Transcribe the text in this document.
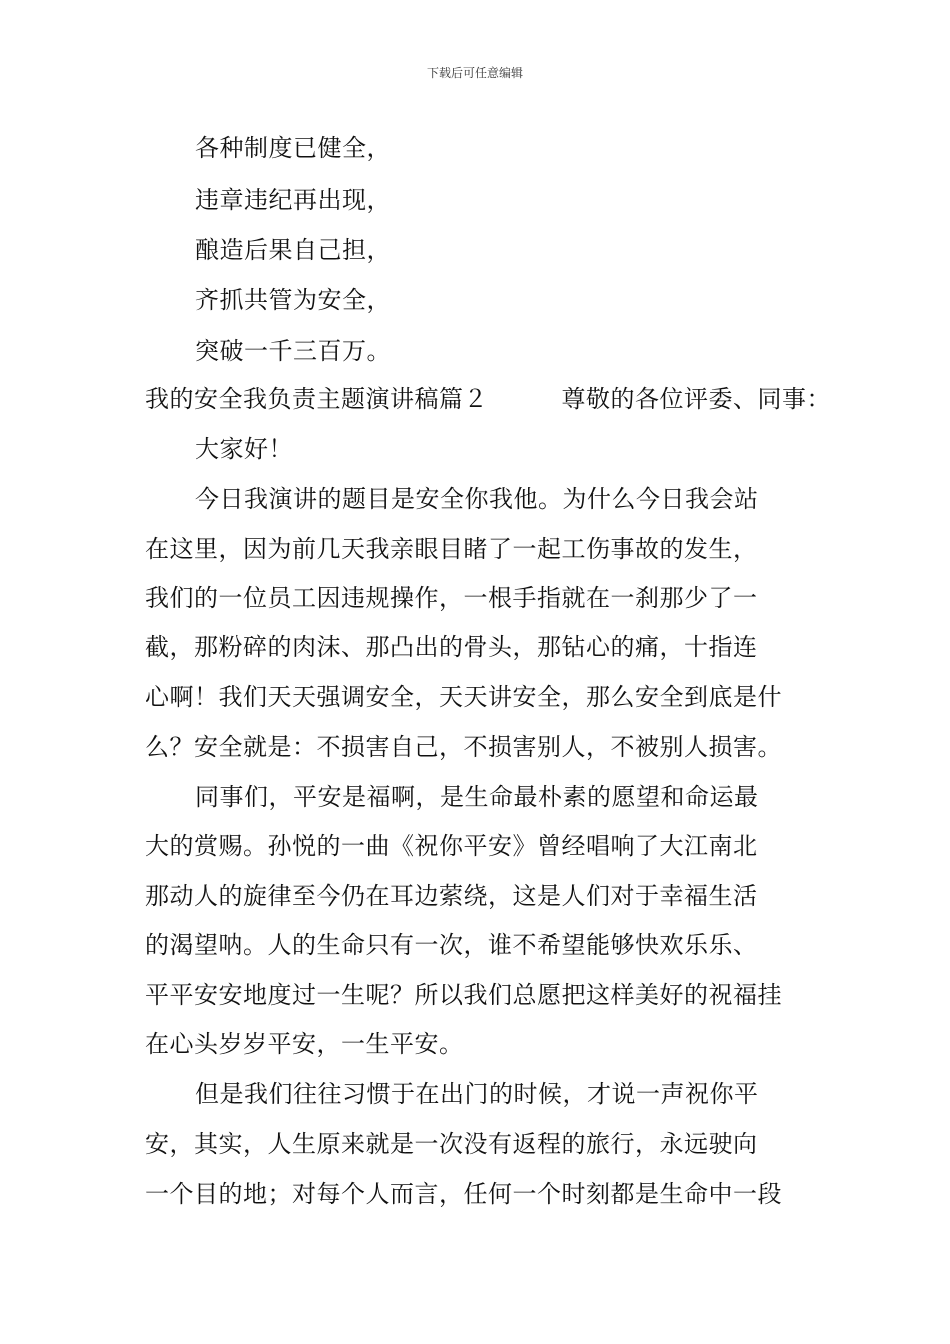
下载后可任意编辑
各种制度已健全，
违章违纪再出现，
酿造后果自己担，
齐抓共管为安全，
突破一千三百万。
我的安全我负责主题演讲稿篇２　　　尊敬的各位评委、同事：
大家好！
今日我演讲的题目是安全你我他。为什么今日我会站
在这里，因为前几天我亲眼目睹了一起工伤事故的发生，
我们的一位员工因违规操作，一根手指就在一刹那少了一
截，那粉碎的肉沫、那凸出的骨头，那钻心的痛，十指连
心啊！我们天天强调安全，天天讲安全，那么安全到底是什
么？安全就是：不损害自己，不损害别人，不被别人损害。
同事们，平安是福啊，是生命最朴素的愿望和命运最
大的赏赐。孙悦的一曲《祝你平安》曾经唱响了大江南北
那动人的旋律至今仍在耳边萦绕，这是人们对于幸福生活
的渴望呐。人的生命只有一次，谁不希望能够快欢乐乐、
平平安安地度过一生呢？所以我们总愿把这样美好的祝福挂
在心头岁岁平安，一生平安。
但是我们往往习惯于在出门的时候，才说一声祝你平
安，其实，人生原来就是一次没有返程的旅行，永远驶向
一个目的地；对每个人而言，任何一个时刻都是生命中一段
